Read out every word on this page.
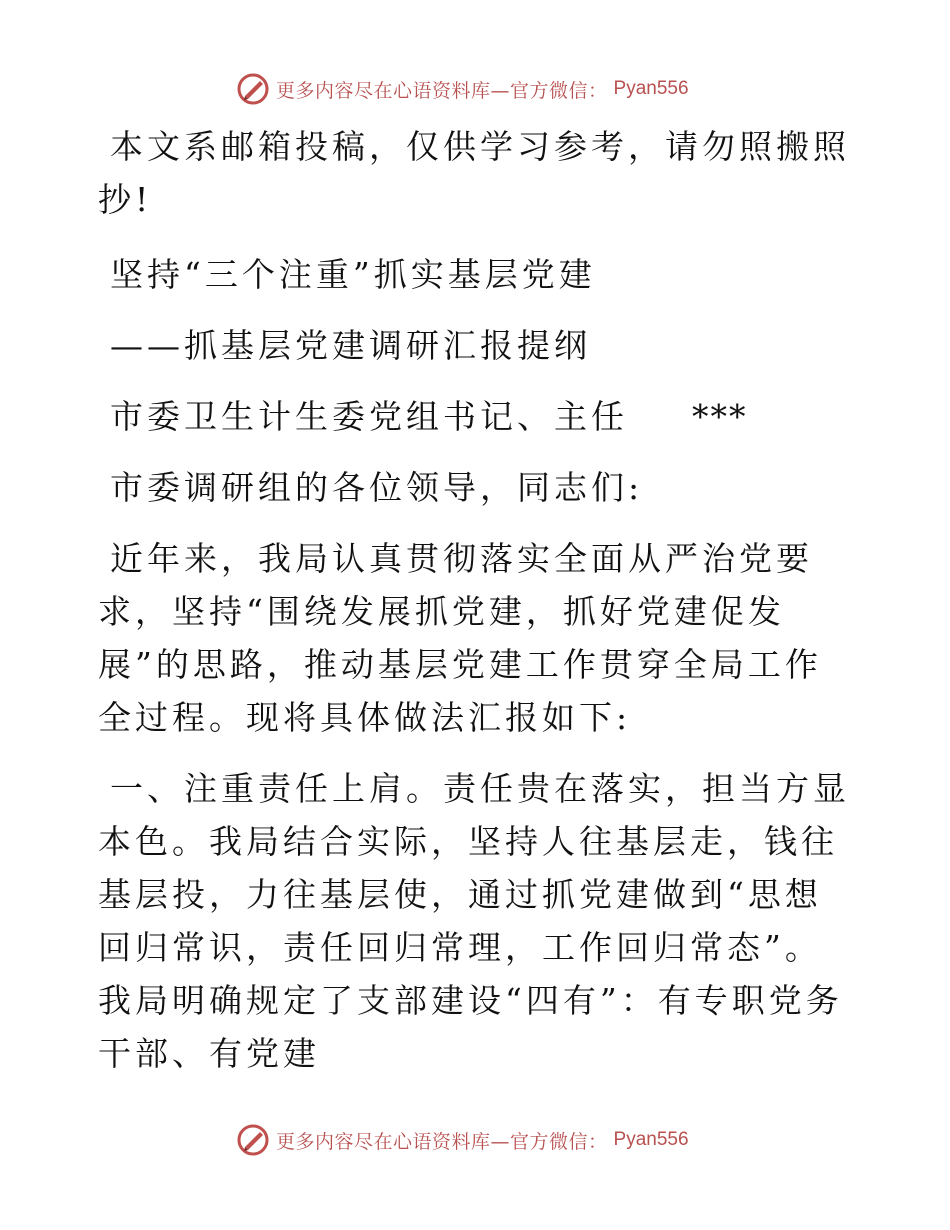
更多内容尽在心语资料库—官方微信： Pyan556

本文系邮箱投稿，仅供学习参考，请勿照搬照抄!

坚持“三个注重”抓实基层党建

——抓基层党建调研汇报提纲

市委卫生计生委党组书记、主任 ***

市委调研组的各位领导，同志们:

近年来，我局认真贯彻落实全面从严治党要求，坚持“围绕发展抓党建，抓好党建促发展”的思路，推动基层党建工作贯穿全局工作全过程。现将具体做法汇报如下:

一、注重责任上肩。责任贵在落实，担当方显本色。我局结合实际，坚持人往基层走，钱往基层投，力往基层使，通过抓党建做到“思想回归常识，责任回归常理，工作回归常态”。我局明确规定了支部建设“四有”：有专职党务干部、有党建

更多内容尽在心语资料库—官方微信： Pyan556
